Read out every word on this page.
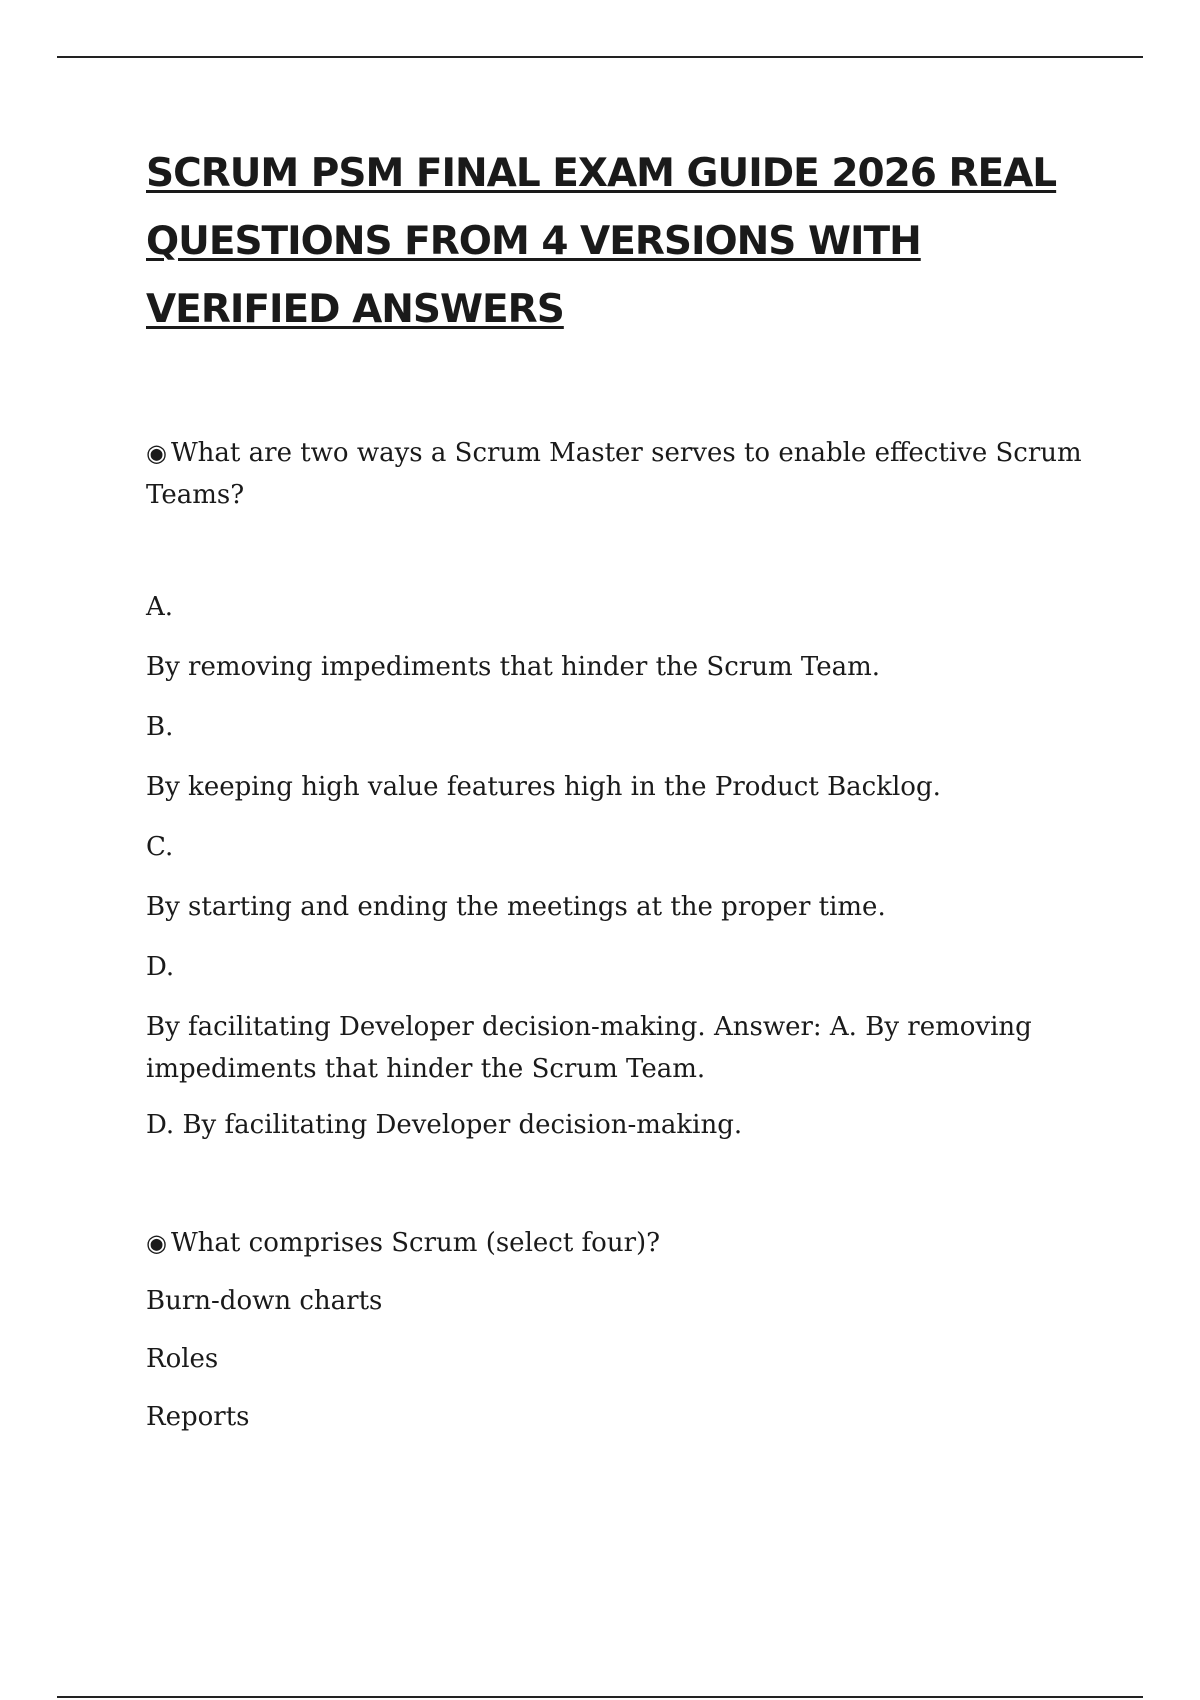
SCRUM PSM FINAL EXAM GUIDE 2026 REAL QUESTIONS FROM 4 VERSIONS WITH VERIFIED ANSWERS

◉ What are two ways a Scrum Master serves to enable effective Scrum Teams?

A.

By removing impediments that hinder the Scrum Team.

B.

By keeping high value features high in the Product Backlog.

C.

By starting and ending the meetings at the proper time.

D.

By facilitating Developer decision-making. Answer: A. By removing impediments that hinder the Scrum Team.

D. By facilitating Developer decision-making.

◉ What comprises Scrum (select four)?

Burn-down charts

Roles

Reports
